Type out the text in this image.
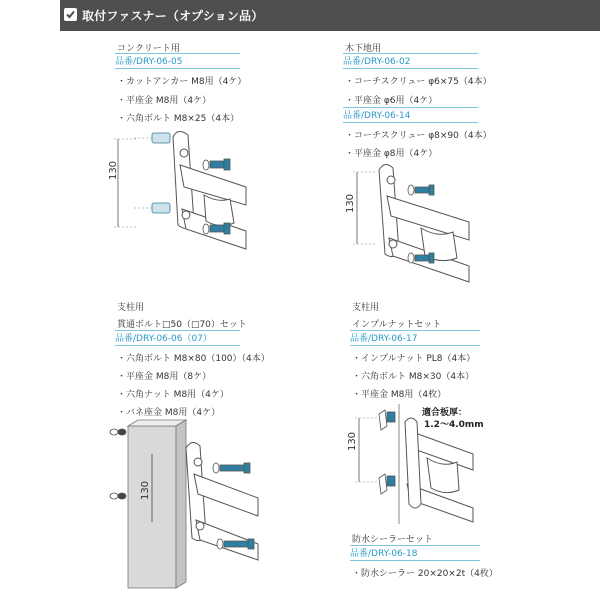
取付ファスナー（オプション品）
コンクリート用
品番/DRY-06-05
・カットアンカー M8用（4ケ）
・平座金 M8用（4ケ）
・六角ボルト M8×25（4本）
130
木下地用
品番/DRY-06-02
・コーチスクリュー φ6×75（4本）
・平座金 φ6用（4ケ）
品番/DRY-06-14
・コーチスクリュー φ8×90（4本）
・平座金 φ8用（4ケ）
130
支柱用
貫通ボルト□50（□70）セット
品番/DRY-06-06（07）
・六角ボルト M8×80（100）（4本）
・平座金 M8用（8ケ）
・六角ナット M8用（4ケ）
・バネ座金 M8用（4ケ）
130
支柱用
インプルナットセット
品番/DRY-06-17
・インプルナット PL8（4本）
・六角ボルト M8×30（4本）
・平座金 M8用（4枚）
130
適合板厚：
1.2〜4.0mm
防水シーラーセット
品番/DRY-06-18
・防水シーラー 20×20×2t（4枚）
